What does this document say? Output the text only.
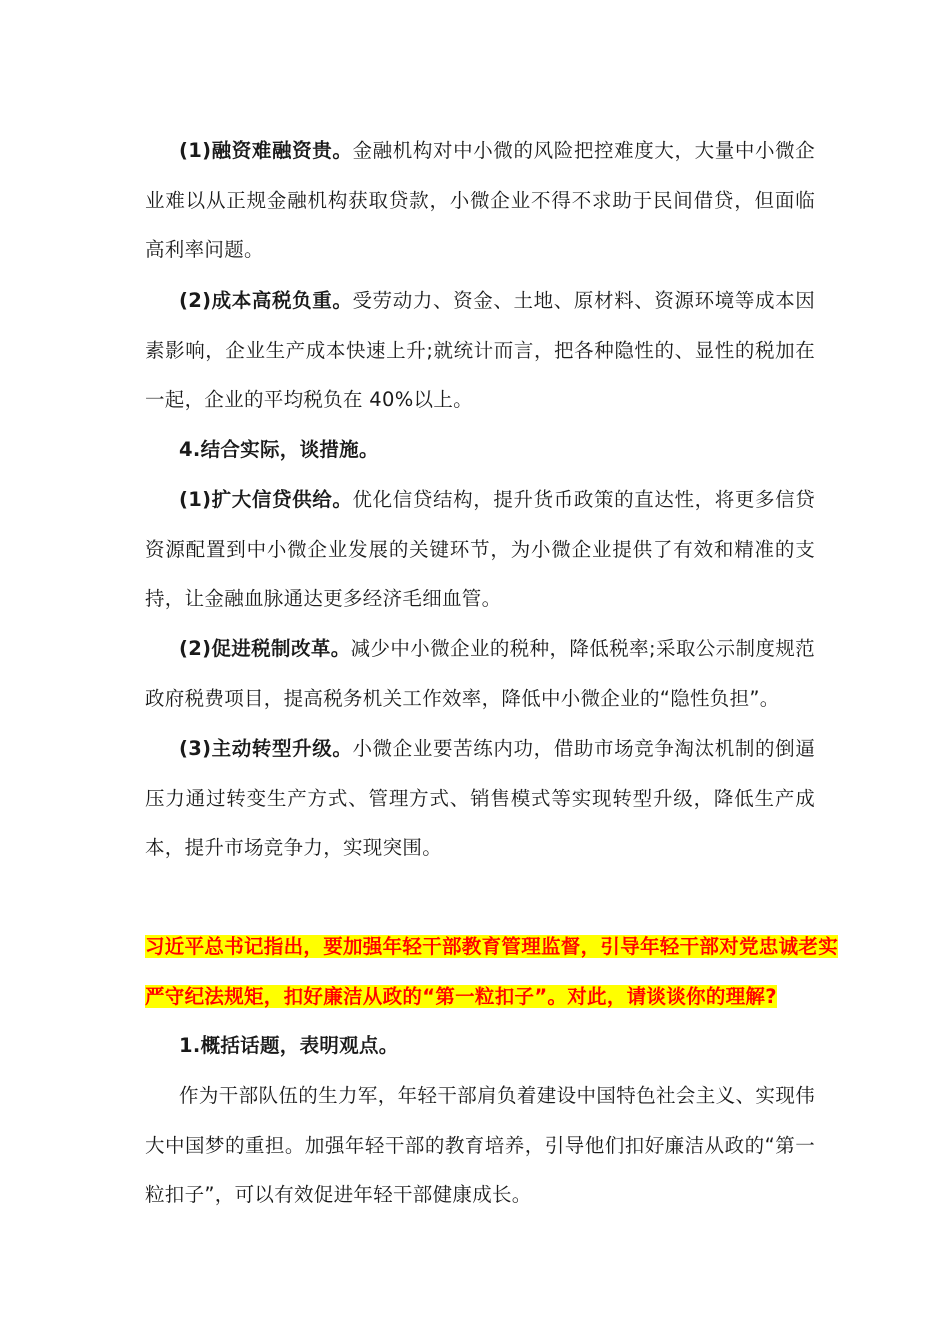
(1)融资难融资贵。金融机构对中小微的风险把控难度大，大量中小微企业难以从正规金融机构获取贷款，小微企业不得不求助于民间借贷，但面临高利率问题。

(2)成本高税负重。受劳动力、资金、土地、原材料、资源环境等成本因素影响，企业生产成本快速上升;就统计而言，把各种隐性的、显性的税加在一起，企业的平均税负在 40%以上。

4.结合实际，谈措施。

(1)扩大信贷供给。优化信贷结构，提升货币政策的直达性，将更多信贷资源配置到中小微企业发展的关键环节，为小微企业提供了有效和精准的支持，让金融血脉通达更多经济毛细血管。

(2)促进税制改革。减少中小微企业的税种，降低税率;采取公示制度规范政府税费项目，提高税务机关工作效率，降低中小微企业的“隐性负担”。

(3)主动转型升级。小微企业要苦练内功，借助市场竞争淘汰机制的倒逼压力通过转变生产方式、管理方式、销售模式等实现转型升级，降低生产成本，提升市场竞争力，实现突围。

习近平总书记指出，要加强年轻干部教育管理监督，引导年轻干部对党忠诚老实
严守纪法规矩，扣好廉洁从政的“第一粒扣子”。对此，请谈谈你的理解?

1.概括话题，表明观点。

作为干部队伍的生力军，年轻干部肩负着建设中国特色社会主义、实现伟大中国梦的重担。加强年轻干部的教育培养，引导他们扣好廉洁从政的“第一粒扣子”，可以有效促进年轻干部健康成长。
